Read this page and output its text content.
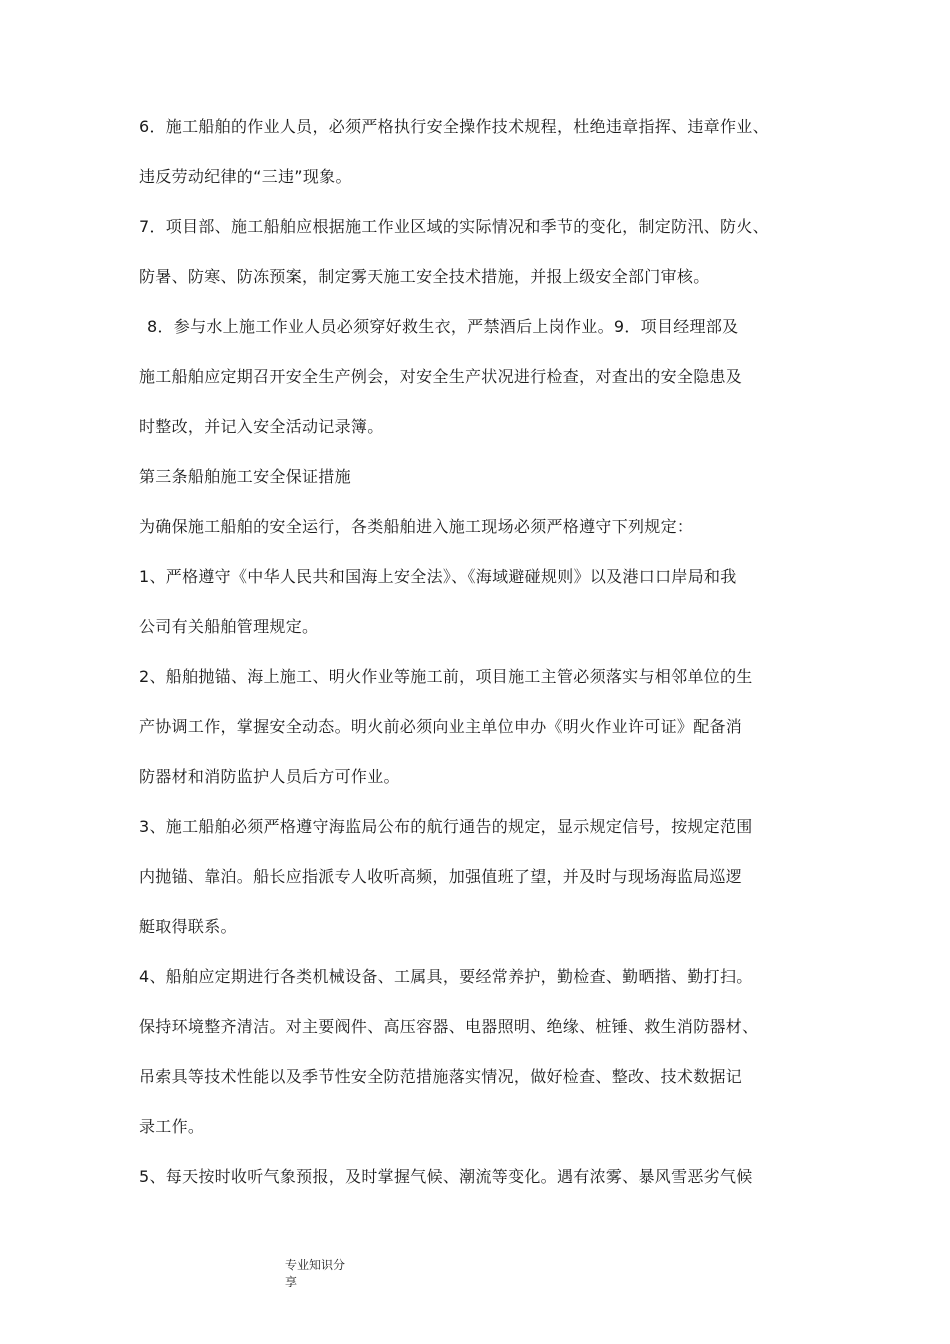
6．施工船舶的作业人员，必须严格执行安全操作技术规程，杜绝违章指挥、违章作业、
违反劳动纪律的“三违”现象。
7．项目部、施工船舶应根据施工作业区域的实际情况和季节的变化，制定防汛、防火、
防暑、防寒、防冻预案，制定雾天施工安全技术措施，并报上级安全部门审核。
8．参与水上施工作业人员必须穿好救生衣，严禁酒后上岗作业。9．项目经理部及
施工船舶应定期召开安全生产例会，对安全生产状况进行检查，对查出的安全隐患及
时整改，并记入安全活动记录簿。
第三条船舶施工安全保证措施
为确保施工船舶的安全运行，各类船舶进入施工现场必须严格遵守下列规定：
1、严格遵守《中华人民共和国海上安全法》、《海域避碰规则》以及港口口岸局和我
公司有关船舶管理规定。
2、船舶抛锚、海上施工、明火作业等施工前，项目施工主管必须落实与相邻单位的生
产协调工作，掌握安全动态。明火前必须向业主单位申办《明火作业许可证》配备消
防器材和消防监护人员后方可作业。
3、施工船舶必须严格遵守海监局公布的航行通告的规定，显示规定信号，按规定范围
内抛锚、靠泊。船长应指派专人收听高频，加强值班了望，并及时与现场海监局巡逻
艇取得联系。
4、船舶应定期进行各类机械设备、工属具，要经常养护，勤检查、勤晒揩、勤打扫。
保持环境整齐清洁。对主要阀件、高压容器、电器照明、绝缘、桩锤、救生消防器材、
吊索具等技术性能以及季节性安全防范措施落实情况，做好检查、整改、技术数据记
录工作。
5、每天按时收听气象预报，及时掌握气候、潮流等变化。遇有浓雾、暴风雪恶劣气候
专业知识分
享
